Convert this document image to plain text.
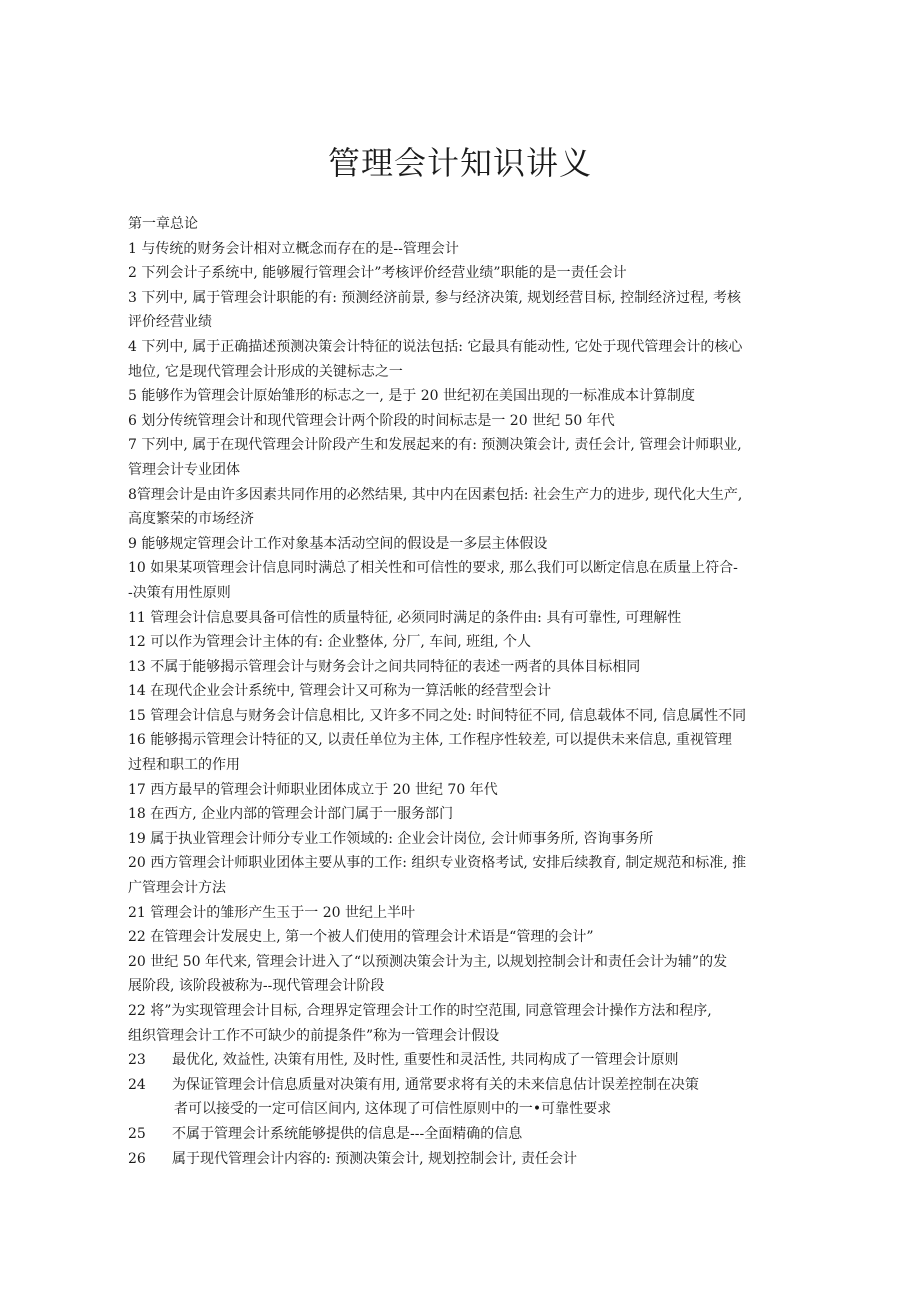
管理会计知识讲义

第一章总论

1 与传统的财务会计相对立概念而存在的是--管理会计

2 下列会计子系统中, 能够履行管理会计”考核评价经营业绩”职能的是一责任会计

3 下列中, 属于管理会计职能的有: 预测经济前景, 参与经济决策, 规划经营目标, 控制经济过程, 考核

评价经营业绩

4 下列中, 属于正确描述预测决策会计特征的说法包括: 它最具有能动性, 它处于现代管理会计的核心

地位, 它是现代管理会计形成的关键标志之一

5 能够作为管理会计原始雏形的标志之一, 是于 20 世纪初在美国出现的一标准成本计算制度

6 划分传统管理会计和现代管理会计两个阶段的时间标志是一 20 世纪 50 年代

7 下列中, 属于在现代管理会计阶段产生和发展起来的有: 预测决策会计, 责任会计, 管理会计师职业,

管理会计专业团体

8管理会计是由许多因素共同作用的必然结果, 其中内在因素包括: 社会生产力的进步, 现代化大生产,

高度繁荣的市场经济

9 能够规定管理会计工作对象基本活动空间的假设是一多层主体假设

10 如果某项管理会计信息同时满总了相关性和可信性的要求, 那么我们可以断定信息在质量上符合-

-决策有用性原则

11 管理会计信息要具备可信性的质量特征, 必须同时满足的条件由: 具有可靠性, 可理解性

12 可以作为管理会计主体的有: 企业整体, 分厂, 车间, 班组, 个人

13 不属于能够揭示管理会计与财务会计之间共同特征的表述一两者的具体目标相同

14 在现代企业会计系统中, 管理会计又可称为一算活帐的经营型会计

15 管理会计信息与财务会计信息相比, 又许多不同之处: 时间特征不同, 信息载体不同, 信息属性不同

16 能够揭示管理会计特征的又, 以责任单位为主体, 工作程序性较差, 可以提供未来信息, 重视管理

过程和职工的作用

17 西方最早的管理会计师职业团体成立于 20 世纪 70 年代

18 在西方, 企业内部的管理会计部门属于一服务部门

19 属于执业管理会计师分专业工作领域的: 企业会计岗位, 会计师事务所, 咨询事务所

20 西方管理会计师职业团体主要从事的工作: 组织专业资格考试, 安排后续教育, 制定规范和标准, 推

广管理会计方法

21 管理会计的雏形产生玉于一 20 世纪上半叶

22 在管理会计发展史上, 第一个被人们使用的管理会计术语是“管理的会计”

20 世纪 50 年代来, 管理会计进入了“以预测决策会计为主, 以规划控制会计和责任会计为辅”的发

展阶段, 该阶段被称为--现代管理会计阶段

22 将”为实现管理会计目标, 合理界定管理会计工作的时空范围, 同意管理会计操作方法和程序,

组织管理会计工作不可缺少的前提条件”称为一管理会计假设

23	最优化, 效益性, 决策有用性, 及时性, 重要性和灵活性, 共同构成了一管理会计原则

24	为保证管理会计信息质量对决策有用, 通常要求将有关的未来信息估计误差控制在决策

者可以接受的一定可信区间内, 这体现了可信性原则中的一•可靠性要求

25	不属于管理会计系统能够提供的信息是---全面精确的信息

26	属于现代管理会计内容的: 预测决策会计, 规划控制会计, 责任会计
